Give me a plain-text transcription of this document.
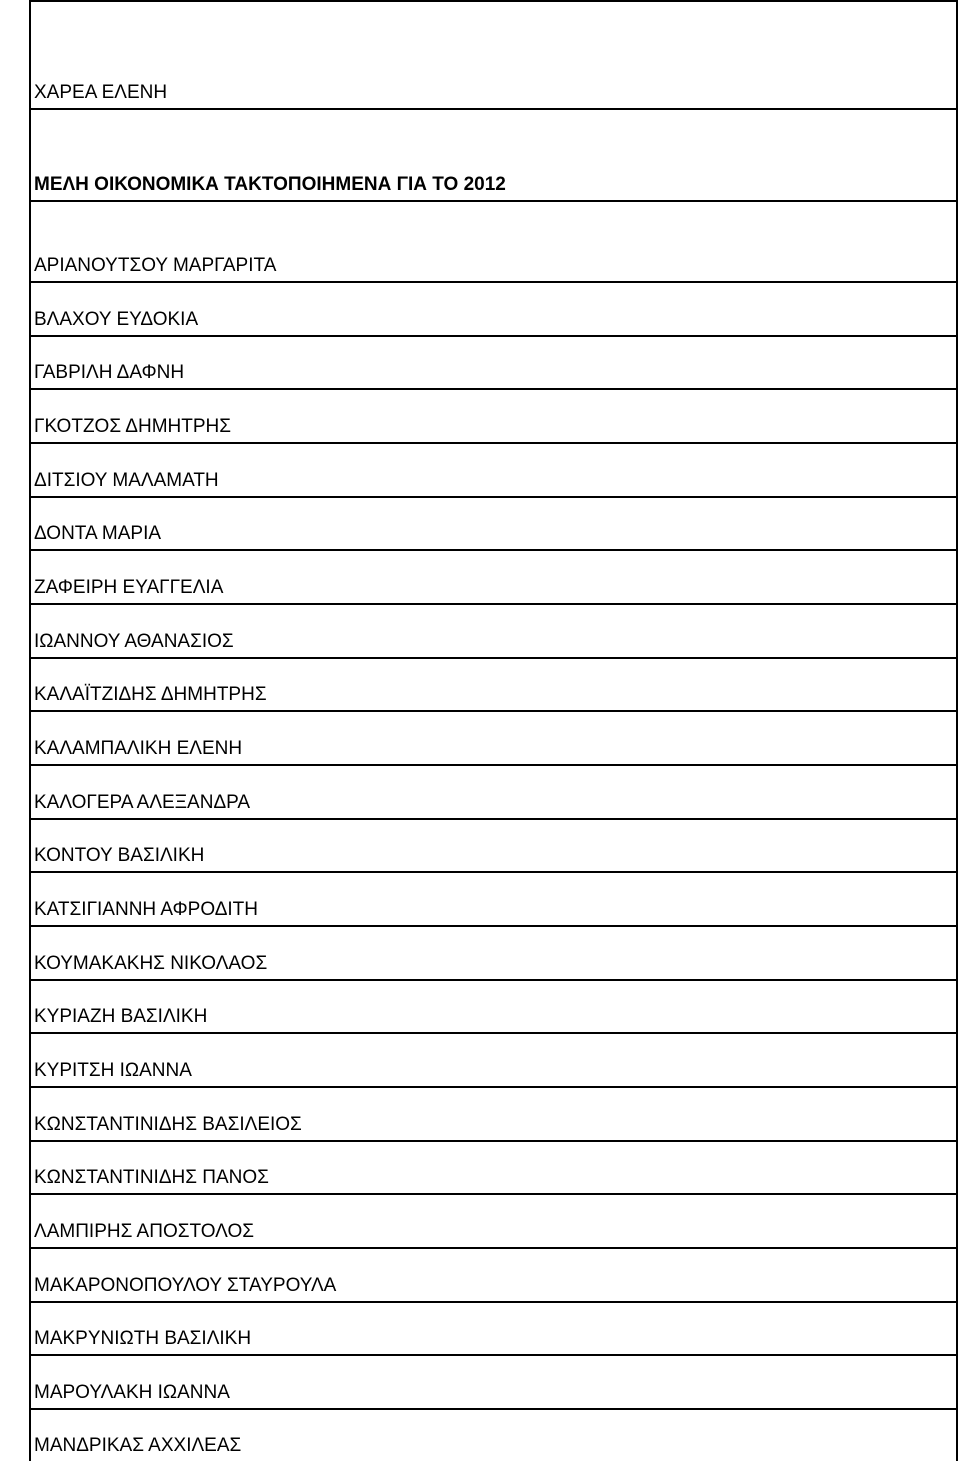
ΧΑΡΕΑ ΕΛΕΝΗ
ΜΕΛΗ ΟΙΚΟΝΟΜΙΚΑ ΤΑΚΤΟΠΟΙΗΜΕΝΑ ΓΙΑ ΤΟ 2012
ΑΡΙΑΝΟΥΤΣΟΥ ΜΑΡΓΑΡΙΤΑ
ΒΛΑΧΟΥ ΕΥΔΟΚΙΑ
ΓΑΒΡΙΛΗ ΔΑΦΝΗ
ΓΚΟΤΖΟΣ ΔΗΜΗΤΡΗΣ
ΔΙΤΣΙΟΥ ΜΑΛΑΜΑΤΗ
ΔΟΝΤΑ ΜΑΡΙΑ
ΖΑΦΕΙΡΗ ΕΥΑΓΓΕΛΙΑ
ΙΩΑΝΝΟΥ ΑΘΑΝΑΣΙΟΣ
ΚΑΛΑΪΤΖΙΔΗΣ ΔΗΜΗΤΡΗΣ
ΚΑΛΑΜΠΑΛΙΚΗ ΕΛΕΝΗ
ΚΑΛΟΓΕΡΑ ΑΛΕΞΑΝΔΡΑ
ΚΟΝΤΟΥ ΒΑΣΙΛΙΚΗ
ΚΑΤΣΙΓΙΑΝΝΗ ΑΦΡΟΔΙΤΗ
ΚΟΥΜΑΚΑΚΗΣ ΝΙΚΟΛΑΟΣ
ΚΥΡΙΑΖΗ ΒΑΣΙΛΙΚΗ
ΚΥΡΙΤΣΗ ΙΩΑΝΝΑ
ΚΩΝΣΤΑΝΤΙΝΙΔΗΣ ΒΑΣΙΛΕΙΟΣ
ΚΩΝΣΤΑΝΤΙΝΙΔΗΣ ΠΑΝΟΣ
ΛΑΜΠΙΡΗΣ ΑΠΟΣΤΟΛΟΣ
ΜΑΚΑΡΟΝΟΠΟΥΛΟΥ ΣΤΑΥΡΟΥΛΑ
ΜΑΚΡΥΝΙΩΤΗ ΒΑΣΙΛΙΚΗ
ΜΑΡΟΥΛΑΚΗ ΙΩΑΝΝΑ
ΜΑΝΔΡΙΚΑΣ ΑΧΧΙΛΕΑΣ
